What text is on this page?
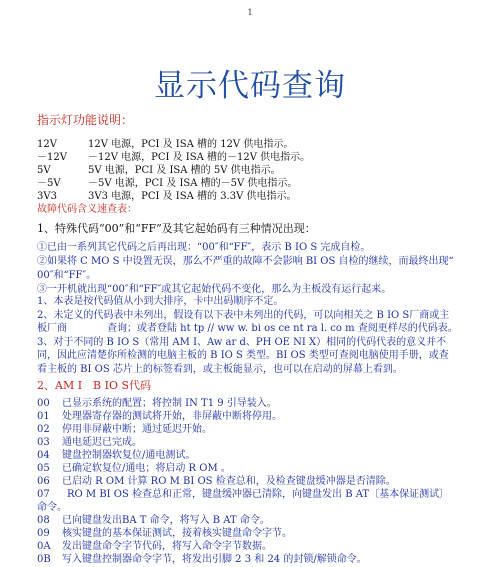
1
显示代码查询
指示灯功能说明：
12V	12V 电源，PCI 及 ISA 槽的 12V 供电指示。
－12V －12V 电源，PCI 及 ISA 槽的－12V 供电指示。
5V	5V 电源，PCI 及 ISA 槽的 5V 供电指示。
－5V	－5V 电源，PCI 及 ISA 槽的－5V 供电指示。
3V3	3V3 电源，PCI 及 ISA 槽的 3.3V 供电指示。
故障代码含义速查表：
1、特殊代码“00”和“FF”及其它起始码有三种情况出现：

①已由一系列其它代码之后再出现：“00″和“FF″，表示 B IO S 完成自检。

②如果将 C MO S 中设置无误，那么不严重的故障不会影响 BI OS 自检的继续，而最终出现“

00″和“FF″。

③一开机就出现“00″和“FF″或其它起始代码不变化，那么为主板没有运行起来。

1、本表是按代码值从小到大排序，卡中出码顺序不定。

2、未定义的代码表中未列出，假设有以下表中未列出的代码，可以向相关之 B IO S厂商或主

板厂商　　　　查询；或者登陆 ht tp // ww w. bi os ce nt ra l. co m 查阅更样尽的代码表。

3、对于不同的 B IO S（常用 AM I、Aw ar d、PH OE NI X）相同的代码代表的意义并不

同，因此应清楚你所检测的电脑主板的 B IO S 类型。BI OS 类型可查阅电脑使用手册，或查

看主板的 BI OS 芯片上的标签看到，或主板能显示，也可以在启动的屏幕上看到。

2、AM I　B IO S代码
00 已显示系统的配置；将控制 IN T1 9 引导装入。
01 处理器寄存器的测试将开始，非屏蔽中断将停用。
02 停用非屏蔽中断；通过延迟开始。
03 通电延迟已完成。
04 键盘控制器软复位/通电测试。
05 已确定软复位/通电；将启动 R OM 。
06 已启动 R OM 计算 RO M BI OS 检查总和，及检查键盘缓冲器是否清除。
07 RO M BI OS 检查总和正常，键盘缓冲器已清除，向键盘发出 B AT〔基本保证测试〕
命令。
08 已向键盘发出BA T 命令，将写入 B AT 命令。
09 核实键盘的基本保证测试，接着核实键盘命令字节。
0A 发出键盘命令字节代码，将写入命令字节数据。
0B 写入键盘控制器命令字节，将发出引脚 2 3 和 24 的封锁/解锁命令。
